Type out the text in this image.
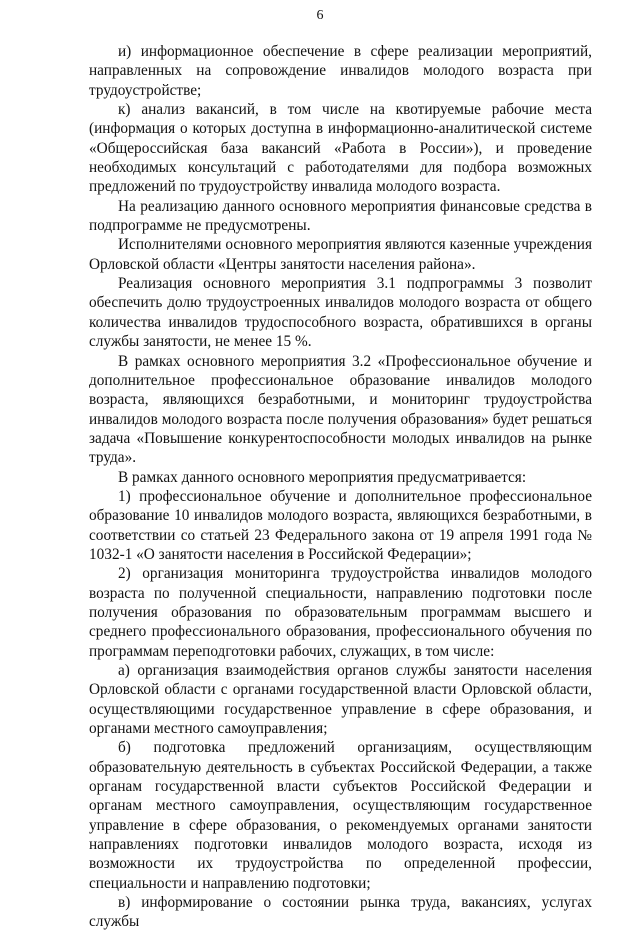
6

и) информационное обеспечение в сфере реализации мероприятий, направленных на сопровождение инвалидов молодого возраста при трудоустройстве;

к) анализ вакансий, в том числе на квотируемые рабочие места (информация о которых доступна в информационно-аналитической системе «Общероссийская база вакансий «Работа в России»), и проведение необходимых консультаций с работодателями для подбора возможных предложений по трудоустройству инвалида молодого возраста.

На реализацию данного основного мероприятия финансовые средства в подпрограмме не предусмотрены.

Исполнителями основного мероприятия являются казенные учреждения Орловской области «Центры занятости населения района».

Реализация основного мероприятия 3.1 подпрограммы 3 позволит обеспечить долю трудоустроенных инвалидов молодого возраста от общего количества инвалидов трудоспособного возраста, обратившихся в органы службы занятости, не менее 15 %.

В рамках основного мероприятия 3.2 «Профессиональное обучение и дополнительное профессиональное образование инвалидов молодого возраста, являющихся безработными, и мониторинг трудоустройства инвалидов молодого возраста после получения образования» будет решаться задача «Повышение конкурентоспособности молодых инвалидов на рынке труда».

В рамках данного основного мероприятия предусматривается:

1) профессиональное обучение и дополнительное профессиональное образование 10 инвалидов молодого возраста, являющихся безработными, в соответствии со статьей 23 Федерального закона от 19 апреля 1991 года № 1032-1 «О занятости населения в Российской Федерации»;

2) организация мониторинга трудоустройства инвалидов молодого возраста по полученной специальности, направлению подготовки после получения образования по образовательным программам высшего и среднего профессионального образования, профессионального обучения по программам переподготовки рабочих, служащих, в том числе:

а) организация взаимодействия органов службы занятости населения Орловской области с органами государственной власти Орловской области, осуществляющими государственное управление в сфере образования, и органами местного самоуправления;

б) подготовка предложений организациям, осуществляющим образовательную деятельность в субъектах Российской Федерации, а также органам государственной власти субъектов Российской Федерации и органам местного самоуправления, осуществляющим государственное управление в сфере образования, о рекомендуемых органами занятости направлениях подготовки инвалидов молодого возраста, исходя из возможности их трудоустройства по определенной профессии, специальности и направлению подготовки;

в) информирование о состоянии рынка труда, вакансиях, услугах службы
